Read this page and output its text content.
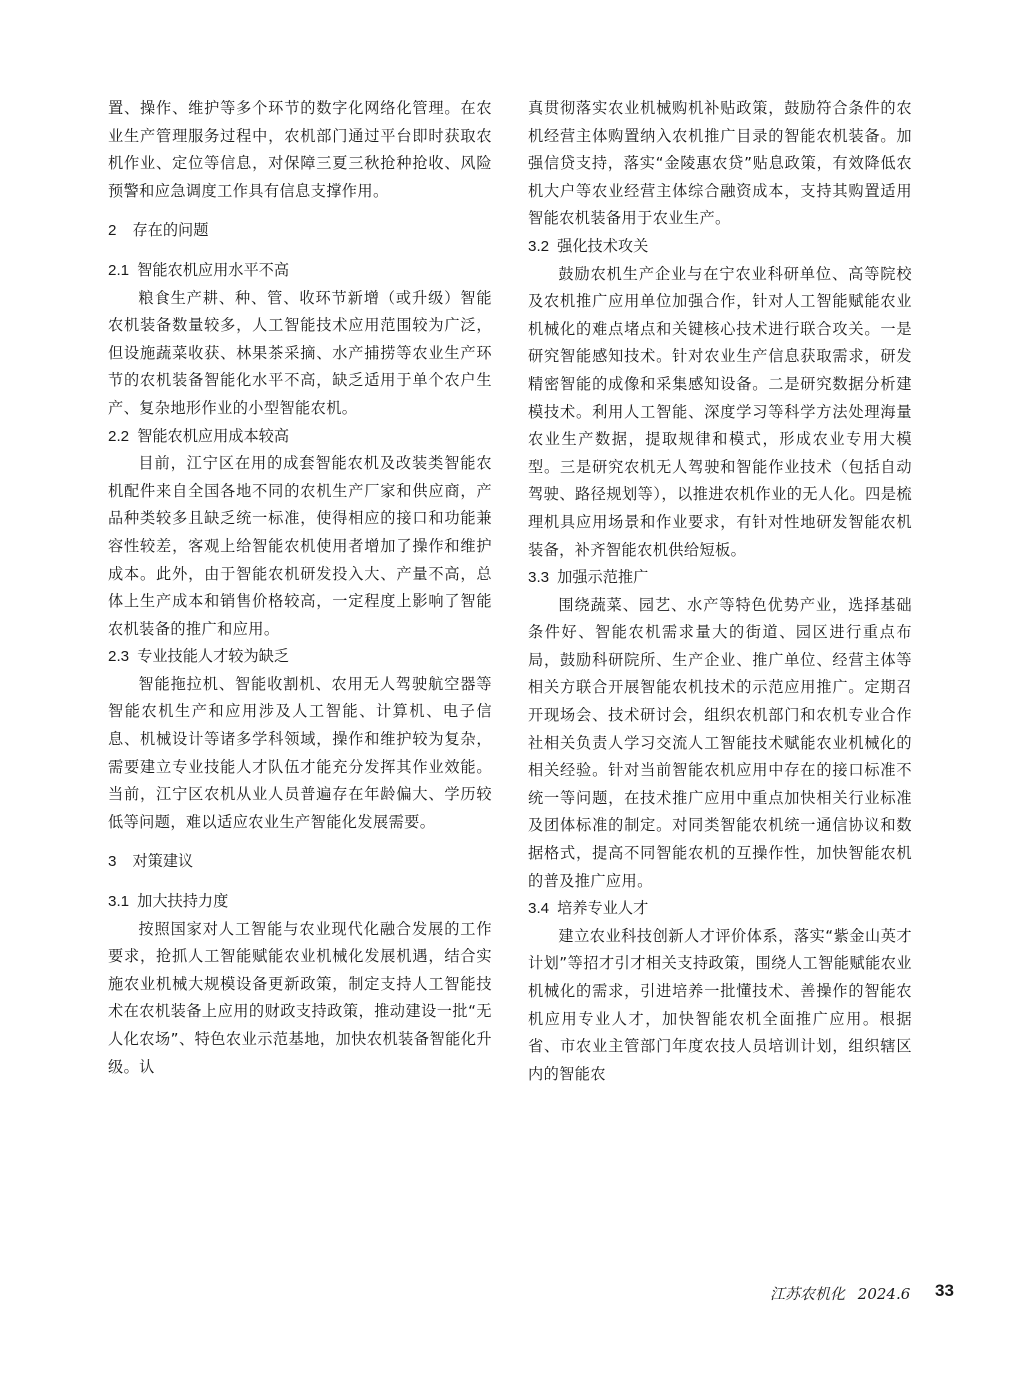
置、操作、维护等多个环节的数字化网络化管理。在农业生产管理服务过程中，农机部门通过平台即时获取农机作业、定位等信息，对保障三夏三秋抢种抢收、风险预警和应急调度工作具有信息支撑作用。

2 存在的问题
2.1 智能农机应用水平不高

粮食生产耕、种、管、收环节新增（或升级）智能农机装备数量较多，人工智能技术应用范围较为广泛，但设施蔬菜收获、林果茶采摘、水产捕捞等农业生产环节的农机装备智能化水平不高，缺乏适用于单个农户生产、复杂地形作业的小型智能农机。

2.2 智能农机应用成本较高

目前，江宁区在用的成套智能农机及改装类智能农机配件来自全国各地不同的农机生产厂家和供应商，产品种类较多且缺乏统一标准，使得相应的接口和功能兼容性较差，客观上给智能农机使用者增加了操作和维护成本。此外，由于智能农机研发投入大、产量不高，总体上生产成本和销售价格较高，一定程度上影响了智能农机装备的推广和应用。

2.3 专业技能人才较为缺乏

智能拖拉机、智能收割机、农用无人驾驶航空器等智能农机生产和应用涉及人工智能、计算机、电子信息、机械设计等诸多学科领域，操作和维护较为复杂，需要建立专业技能人才队伍才能充分发挥其作业效能。当前，江宁区农机从业人员普遍存在年龄偏大、学历较低等问题，难以适应农业生产智能化发展需要。

3 对策建议
3.1 加大扶持力度

按照国家对人工智能与农业现代化融合发展的工作要求，抢抓人工智能赋能农业机械化发展机遇，结合实施农业机械大规模设备更新政策，制定支持人工智能技术在农机装备上应用的财政支持政策，推动建设一批“无人化农场”、特色农业示范基地，加快农机装备智能化升级。认

真贯彻落实农业机械购机补贴政策，鼓励符合条件的农机经营主体购置纳入农机推广目录的智能农机装备。加强信贷支持，落实“金陵惠农贷”贴息政策，有效降低农机大户等农业经营主体综合融资成本，支持其购置适用智能农机装备用于农业生产。

3.2 强化技术攻关

鼓励农机生产企业与在宁农业科研单位、高等院校及农机推广应用单位加强合作，针对人工智能赋能农业机械化的难点堵点和关键核心技术进行联合攻关。一是研究智能感知技术。针对农业生产信息获取需求，研发精密智能的成像和采集感知设备。二是研究数据分析建模技术。利用人工智能、深度学习等科学方法处理海量农业生产数据，提取规律和模式，形成农业专用大模型。三是研究农机无人驾驶和智能作业技术（包括自动驾驶、路径规划等），以推进农机作业的无人化。四是梳理机具应用场景和作业要求，有针对性地研发智能农机装备，补齐智能农机供给短板。

3.3 加强示范推广

围绕蔬菜、园艺、水产等特色优势产业，选择基础条件好、智能农机需求量大的街道、园区进行重点布局，鼓励科研院所、生产企业、推广单位、经营主体等相关方联合开展智能农机技术的示范应用推广。定期召开现场会、技术研讨会，组织农机部门和农机专业合作社相关负责人学习交流人工智能技术赋能农业机械化的相关经验。针对当前智能农机应用中存在的接口标准不统一等问题，在技术推广应用中重点加快相关行业标准及团体标准的制定。对同类智能农机统一通信协议和数据格式，提高不同智能农机的互操作性，加快智能农机的普及推广应用。

3.4 培养专业人才

建立农业科技创新人才评价体系，落实“紫金山英才计划”等招才引才相关支持政策，围绕人工智能赋能农业机械化的需求，引进培养一批懂技术、善操作的智能农机应用专业人才，加快智能农机全面推广应用。根据省、市农业主管部门年度农技人员培训计划，组织辖区内的智能农

江苏农机化 2024.6 33
